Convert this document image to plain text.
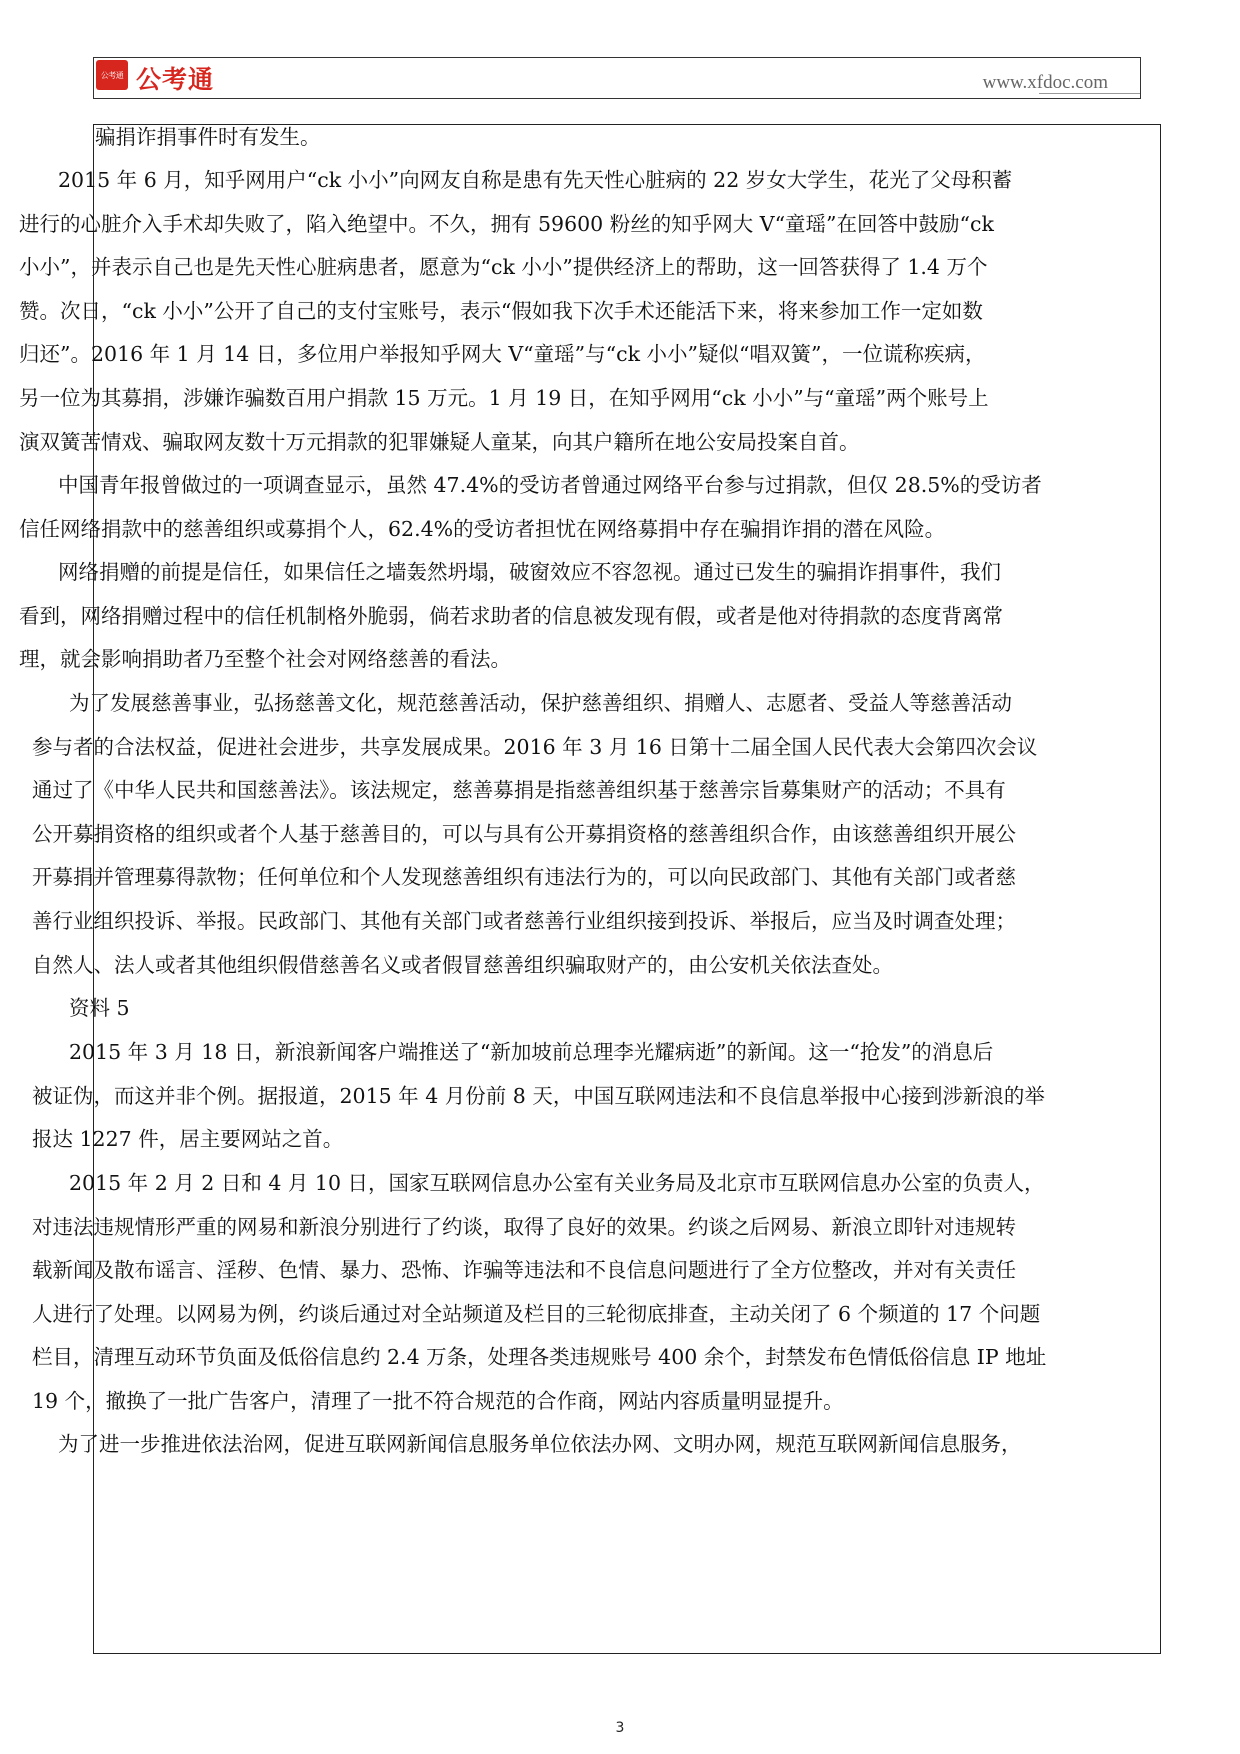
公考通 公考通	www.xfdoc.com
骗捐诈捐事件时有发生。
2015 年 6 月，知乎网用户“ck 小小”向网友自称是患有先天性心脏病的 22 岁女大学生，花光了父母积蓄
进行的心脏介入手术却失败了，陷入绝望中。不久，拥有 59600 粉丝的知乎网大 V“童瑶”在回答中鼓励“ck
小小”，并表示自己也是先天性心脏病患者，愿意为“ck 小小”提供经济上的帮助，这一回答获得了 1.4 万个
赞。次日，“ck 小小”公开了自己的支付宝账号，表示“假如我下次手术还能活下来，将来参加工作一定如数
归还”。2016 年 1 月 14 日，多位用户举报知乎网大 V“童瑶”与“ck 小小”疑似“唱双簧”，一位谎称疾病，
另一位为其募捐，涉嫌诈骗数百用户捐款 15 万元。1 月 19 日，在知乎网用“ck 小小”与“童瑶”两个账号上
演双簧苦情戏、骗取网友数十万元捐款的犯罪嫌疑人童某，向其户籍所在地公安局投案自首。
中国青年报曾做过的一项调查显示，虽然 47.4%的受访者曾通过网络平台参与过捐款，但仅 28.5%的受访者
信任网络捐款中的慈善组织或募捐个人，62.4%的受访者担忧在网络募捐中存在骗捐诈捐的潜在风险。
网络捐赠的前提是信任，如果信任之墙轰然坍塌，破窗效应不容忽视。通过已发生的骗捐诈捐事件，我们
看到，网络捐赠过程中的信任机制格外脆弱，倘若求助者的信息被发现有假，或者是他对待捐款的态度背离常
理，就会影响捐助者乃至整个社会对网络慈善的看法。
为了发展慈善事业，弘扬慈善文化，规范慈善活动，保护慈善组织、捐赠人、志愿者、受益人等慈善活动
参与者的合法权益，促进社会进步，共享发展成果。2016 年 3 月 16 日第十二届全国人民代表大会第四次会议
通过了《中华人民共和国慈善法》。该法规定，慈善募捐是指慈善组织基于慈善宗旨募集财产的活动；不具有
公开募捐资格的组织或者个人基于慈善目的，可以与具有公开募捐资格的慈善组织合作，由该慈善组织开展公
开募捐并管理募得款物；任何单位和个人发现慈善组织有违法行为的，可以向民政部门、其他有关部门或者慈
善行业组织投诉、举报。民政部门、其他有关部门或者慈善行业组织接到投诉、举报后，应当及时调查处理；
自然人、法人或者其他组织假借慈善名义或者假冒慈善组织骗取财产的，由公安机关依法查处。
资料 5
2015 年 3 月 18 日，新浪新闻客户端推送了“新加坡前总理李光耀病逝”的新闻。这一“抢发”的消息后
被证伪，而这并非个例。据报道，2015 年 4 月份前 8 天，中国互联网违法和不良信息举报中心接到涉新浪的举
报达 1227 件，居主要网站之首。
2015 年 2 月 2 日和 4 月 10 日，国家互联网信息办公室有关业务局及北京市互联网信息办公室的负责人，
对违法违规情形严重的网易和新浪分别进行了约谈，取得了良好的效果。约谈之后网易、新浪立即针对违规转
载新闻及散布谣言、淫秽、色情、暴力、恐怖、诈骗等违法和不良信息问题进行了全方位整改，并对有关责任
人进行了处理。以网易为例，约谈后通过对全站频道及栏目的三轮彻底排查，主动关闭了 6 个频道的 17 个问题
栏目，清理互动环节负面及低俗信息约 2.4 万条，处理各类违规账号 400 余个，封禁发布色情低俗信息 IP 地址
19 个，撤换了一批广告客户，清理了一批不符合规范的合作商，网站内容质量明显提升。
为了进一步推进依法治网，促进互联网新闻信息服务单位依法办网、文明办网，规范互联网新闻信息服务，
3
